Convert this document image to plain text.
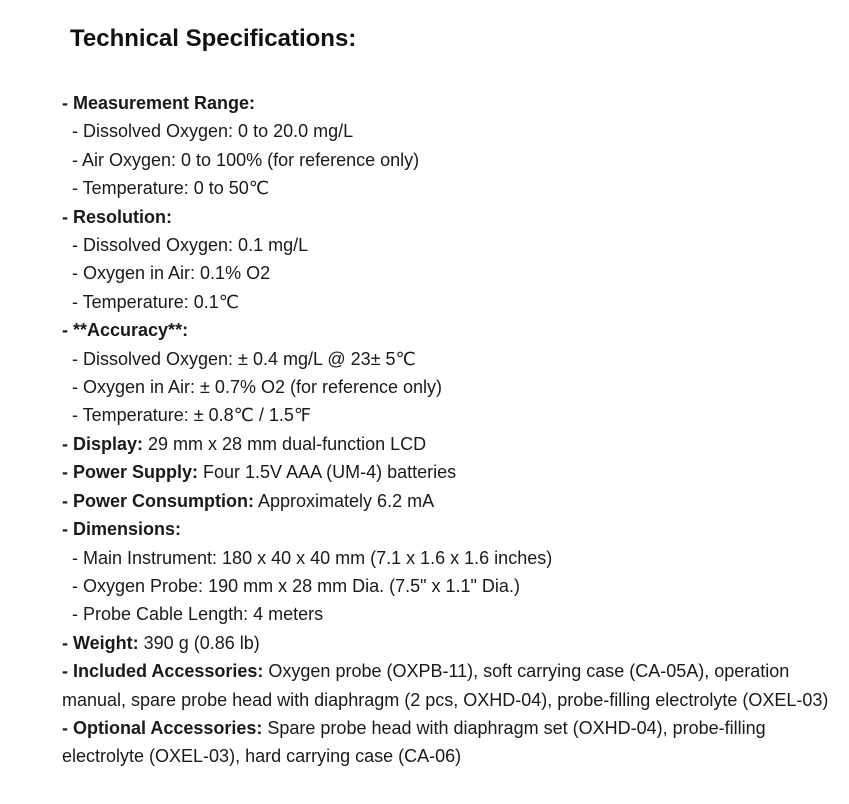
Technical Specifications:
- Measurement Range:
- Dissolved Oxygen: 0 to 20.0 mg/L
- Air Oxygen: 0 to 100% (for reference only)
- Temperature: 0 to 50℃
- Resolution:
- Dissolved Oxygen: 0.1 mg/L
- Oxygen in Air: 0.1% O2
- Temperature: 0.1℃
- **Accuracy**:
- Dissolved Oxygen: ± 0.4 mg/L @ 23± 5℃
- Oxygen in Air: ± 0.7% O2 (for reference only)
- Temperature: ± 0.8℃ / 1.5℉
- Display: 29 mm x 28 mm dual-function LCD
- Power Supply: Four 1.5V AAA (UM-4) batteries
- Power Consumption: Approximately 6.2 mA
- Dimensions:
- Main Instrument: 180 x 40 x 40 mm (7.1 x 1.6 x 1.6 inches)
- Oxygen Probe: 190 mm x 28 mm Dia. (7.5" x 1.1" Dia.)
- Probe Cable Length: 4 meters
- Weight: 390 g (0.86 lb)
- Included Accessories: Oxygen probe (OXPB-11), soft carrying case (CA-05A), operation manual, spare probe head with diaphragm (2 pcs, OXHD-04), probe-filling electrolyte (OXEL-03)
- Optional Accessories: Spare probe head with diaphragm set (OXHD-04), probe-filling electrolyte (OXEL-03), hard carrying case (CA-06)
